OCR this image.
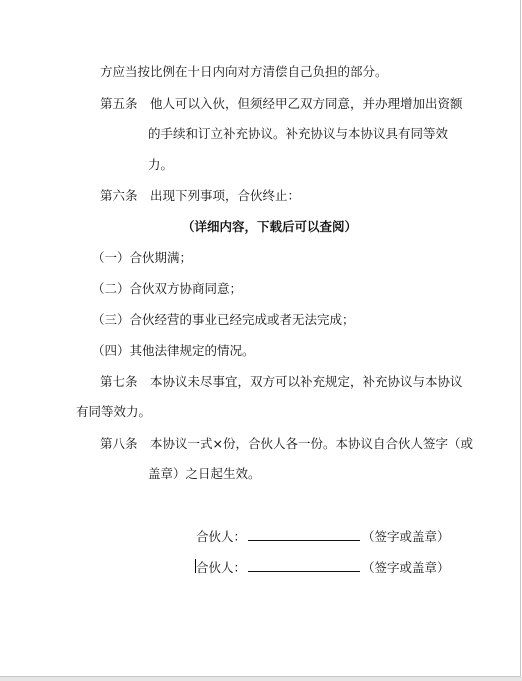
方应当按比例在十日内向对方清偿自己负担的部分。
第五条　他人可以入伙，但须经甲乙双方同意，并办理增加出资额
的手续和订立补充协议。补充协议与本协议具有同等效
力。
第六条　出现下列事项，合伙终止：
（详细内容，下载后可以查阅）
（一）合伙期满；
（二）合伙双方协商同意；
（三）合伙经营的事业已经完成或者无法完成；
（四）其他法律规定的情况。
第七条　本协议未尽事宜，双方可以补充规定，补充协议与本协议
有同等效力。
第八条　本协议一式×份，合伙人各一份。本协议自合伙人签字（或
盖章）之日起生效。
合伙人：	（签字或盖章）
合伙人：	（签字或盖章）
